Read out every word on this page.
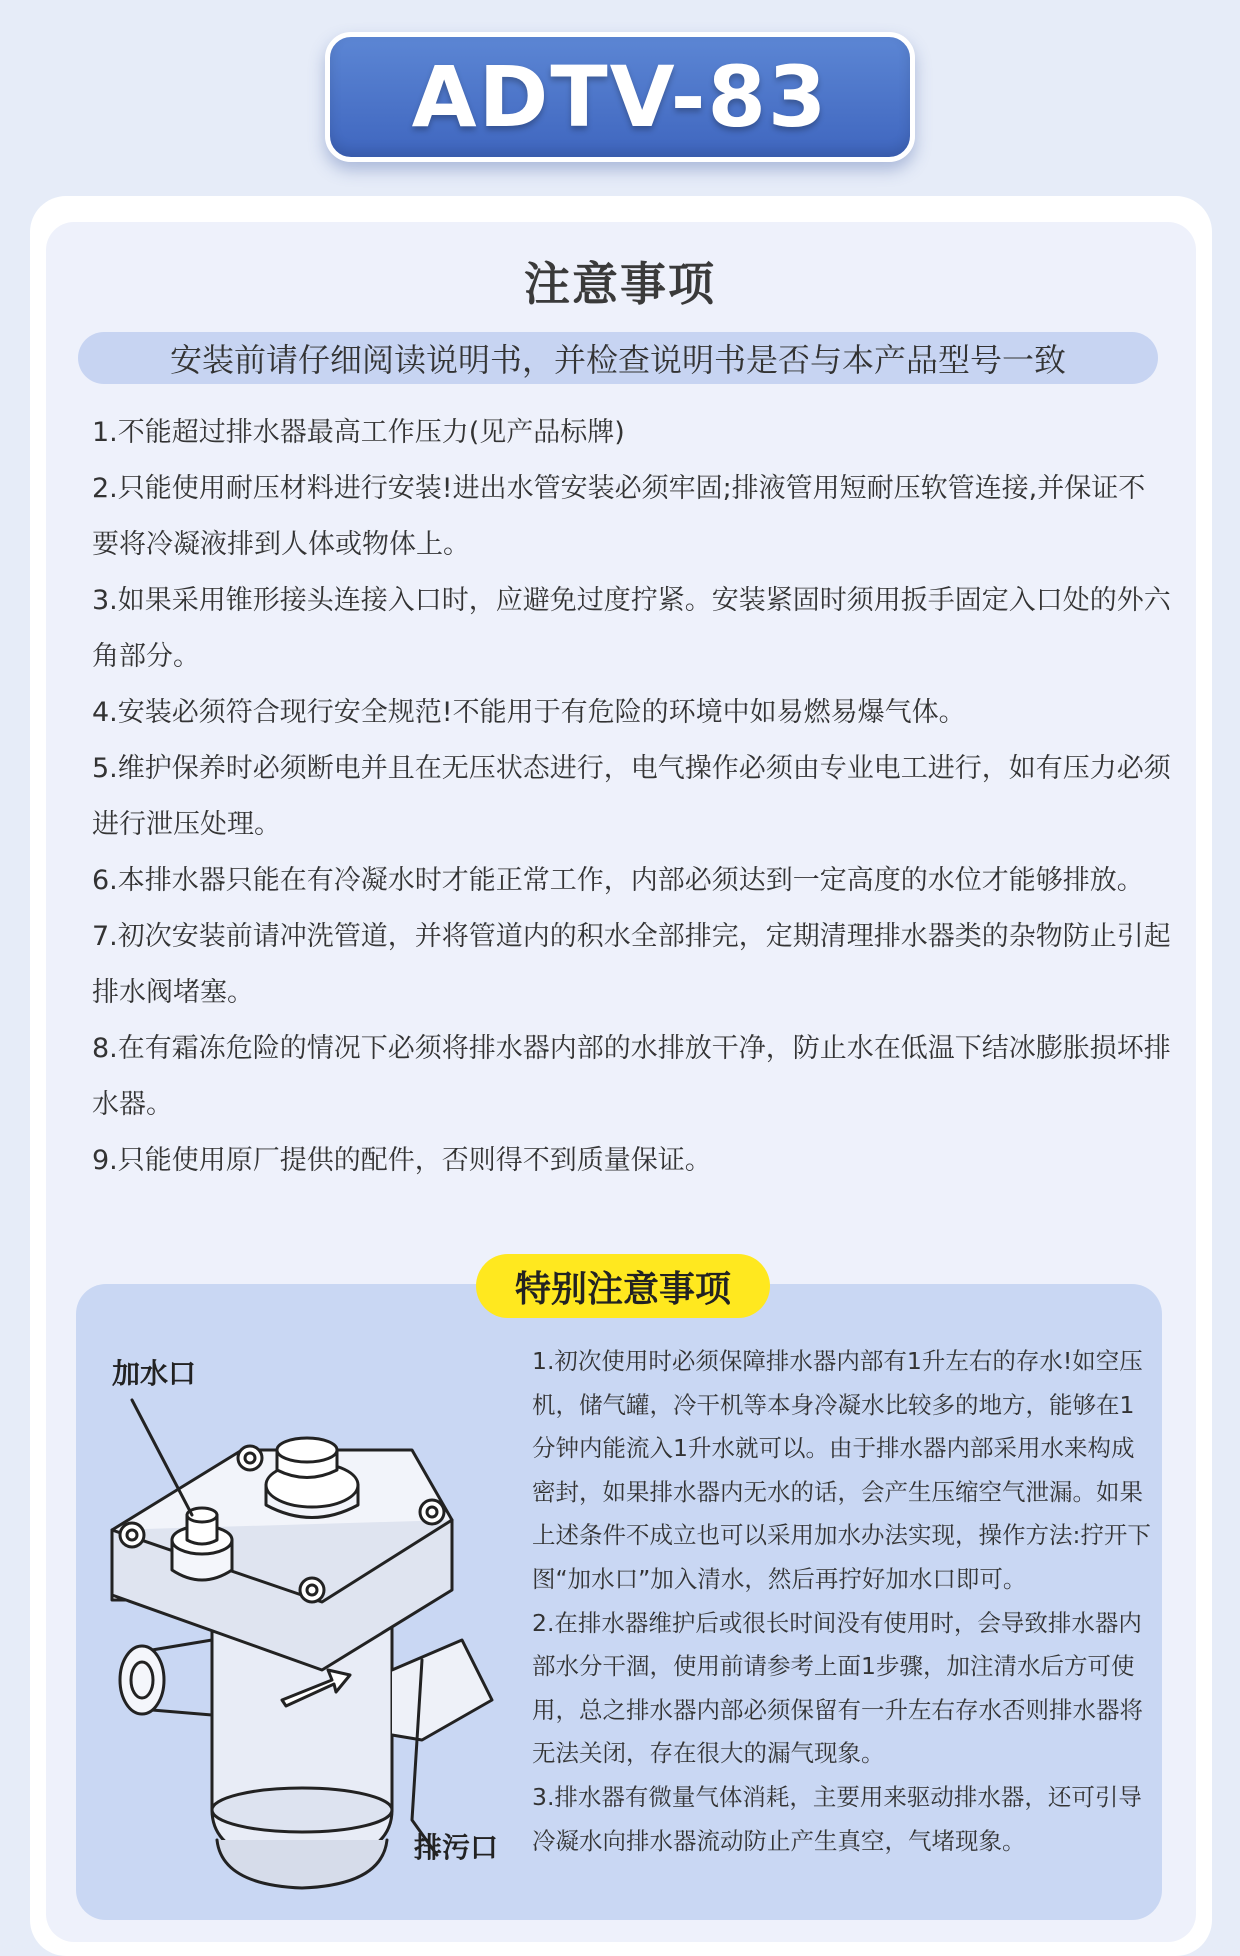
ADTV-83
注意事项
安装前请仔细阅读说明书，并检查说明书是否与本产品型号一致
1.不能超过排水器最高工作压力(见产品标牌)
2.只能使用耐压材料进行安装!进出水管安装必须牢固;排液管用短耐压软管连接,并保证不要将冷凝液排到人体或物体上。
3.如果采用锥形接头连接入口时，应避免过度拧紧。安装紧固时须用扳手固定入口处的外六角部分。
4.安装必须符合现行安全规范!不能用于有危险的环境中如易燃易爆气体。
5.维护保养时必须断电并且在无压状态进行，电气操作必须由专业电工进行，如有压力必须进行泄压处理。
6.本排水器只能在有冷凝水时才能正常工作，内部必须达到一定高度的水位才能够排放。
7.初次安装前请冲洗管道，并将管道内的积水全部排完，定期清理排水器类的杂物防止引起排水阀堵塞。
8.在有霜冻危险的情况下必须将排水器内部的水排放干净，防止水在低温下结冰膨胀损坏排水器。
9.只能使用原厂提供的配件，否则得不到质量保证。
特别注意事项
加水口
排污口
1.初次使用时必须保障排水器内部有1升左右的存水!如空压机，储气罐，冷干机等本身冷凝水比较多的地方，能够在1分钟内能流入1升水就可以。由于排水器内部采用水来构成密封，如果排水器内无水的话，会产生压缩空气泄漏。如果上述条件不成立也可以采用加水办法实现，操作方法:拧开下图“加水口”加入清水，然后再拧好加水口即可。
2.在排水器维护后或很长时间没有使用时，会导致排水器内部水分干涸，使用前请参考上面1步骤，加注清水后方可使用，总之排水器内部必须保留有一升左右存水否则排水器将无法关闭，存在很大的漏气现象。
3.排水器有微量气体消耗，主要用来驱动排水器，还可引导冷凝水向排水器流动防止产生真空，气堵现象。
